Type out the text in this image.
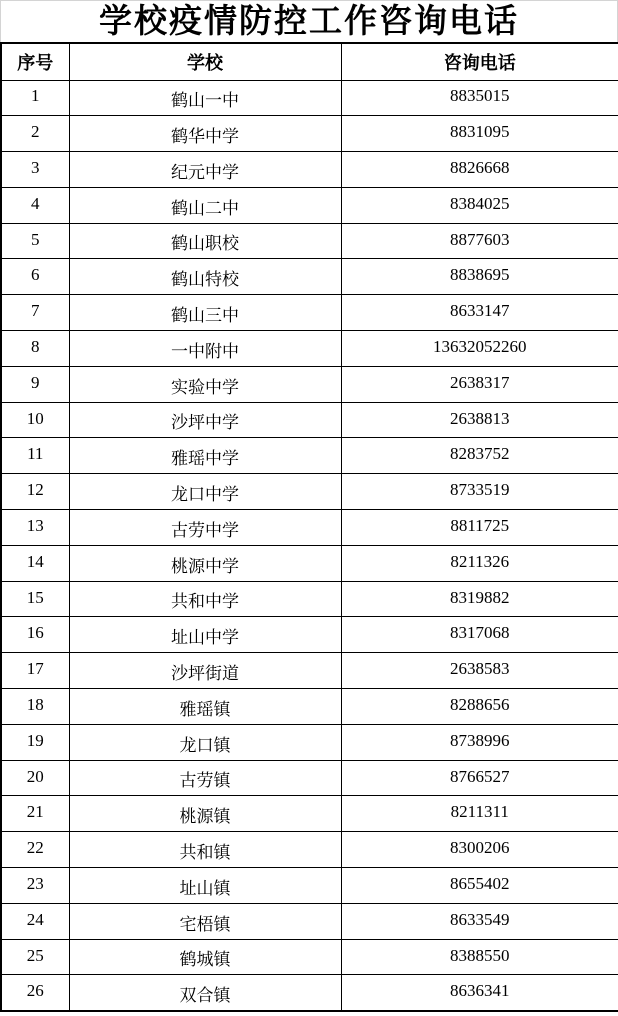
学校疫情防控工作咨询电话
序号	学校	咨询电话
1	鹤山一中	8835015
2	鹤华中学	8831095
3	纪元中学	8826668
4	鹤山二中	8384025
5	鹤山职校	8877603
6	鹤山特校	8838695
7	鹤山三中	8633147
8	一中附中	13632052260
9	实验中学	2638317
10	沙坪中学	2638813
11	雅瑶中学	8283752
12	龙口中学	8733519
13	古劳中学	8811725
14	桃源中学	8211326
15	共和中学	8319882
16	址山中学	8317068
17	沙坪街道	2638583
18	雅瑶镇	8288656
19	龙口镇	8738996
20	古劳镇	8766527
21	桃源镇	8211311
22	共和镇	8300206
23	址山镇	8655402
24	宅梧镇	8633549
25	鹤城镇	8388550
26	双合镇	8636341
